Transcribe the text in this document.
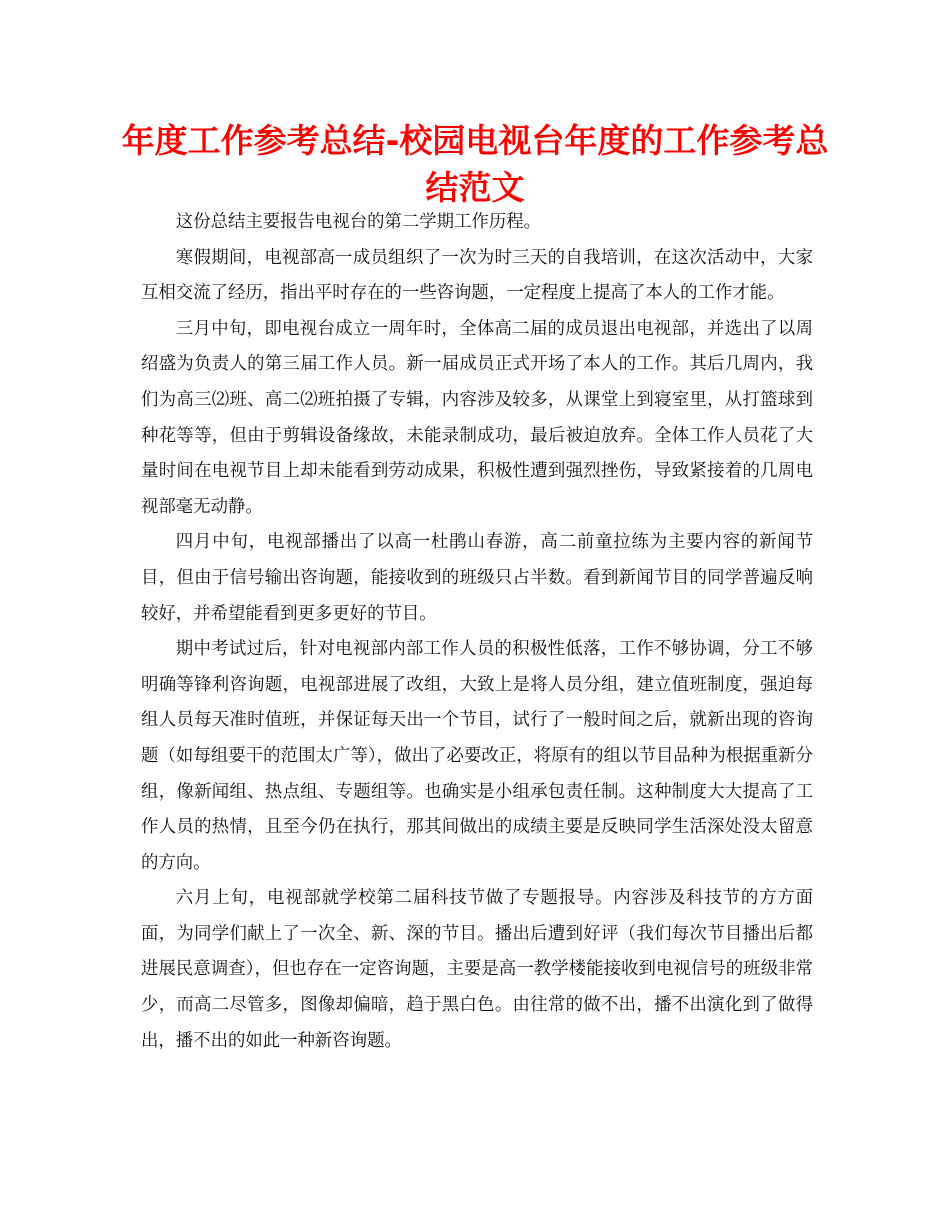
年度工作参考总结-校园电视台年度的工作参考总结范文

这份总结主要报告电视台的第二学期工作历程。

寒假期间，电视部高一成员组织了一次为时三天的自我培训，在这次活动中，大家互相交流了经历，指出平时存在的一些咨询题，一定程度上提高了本人的工作才能。

三月中旬，即电视台成立一周年时，全体高二届的成员退出电视部，并选出了以周绍盛为负责人的第三届工作人员。新一届成员正式开场了本人的工作。其后几周内，我们为高三⑵班、高二⑵班拍摄了专辑，内容涉及较多，从课堂上到寝室里，从打篮球到种花等等，但由于剪辑设备缘故，未能录制成功，最后被迫放弃。全体工作人员花了大量时间在电视节目上却未能看到劳动成果，积极性遭到强烈挫伤，导致紧接着的几周电视部毫无动静。

四月中旬，电视部播出了以高一杜鹃山春游，高二前童拉练为主要内容的新闻节目，但由于信号输出咨询题，能接收到的班级只占半数。看到新闻节目的同学普遍反响较好，并希望能看到更多更好的节目。

期中考试过后，针对电视部内部工作人员的积极性低落，工作不够协调，分工不够明确等锋利咨询题，电视部进展了改组，大致上是将人员分组，建立值班制度，强迫每组人员每天准时值班，并保证每天出一个节目，试行了一般时间之后，就新出现的咨询题（如每组要干的范围太广等），做出了必要改正，将原有的组以节目品种为根据重新分组，像新闻组、热点组、专题组等。也确实是小组承包责任制。这种制度大大提高了工作人员的热情，且至今仍在执行，那其间做出的成绩主要是反映同学生活深处没太留意的方向。

六月上旬，电视部就学校第二届科技节做了专题报导。内容涉及科技节的方方面面，为同学们献上了一次全、新、深的节目。播出后遭到好评（我们每次节目播出后都进展民意调查），但也存在一定咨询题，主要是高一教学楼能接收到电视信号的班级非常少，而高二尽管多，图像却偏暗，趋于黑白色。由往常的做不出，播不出演化到了做得出，播不出的如此一种新咨询题。
